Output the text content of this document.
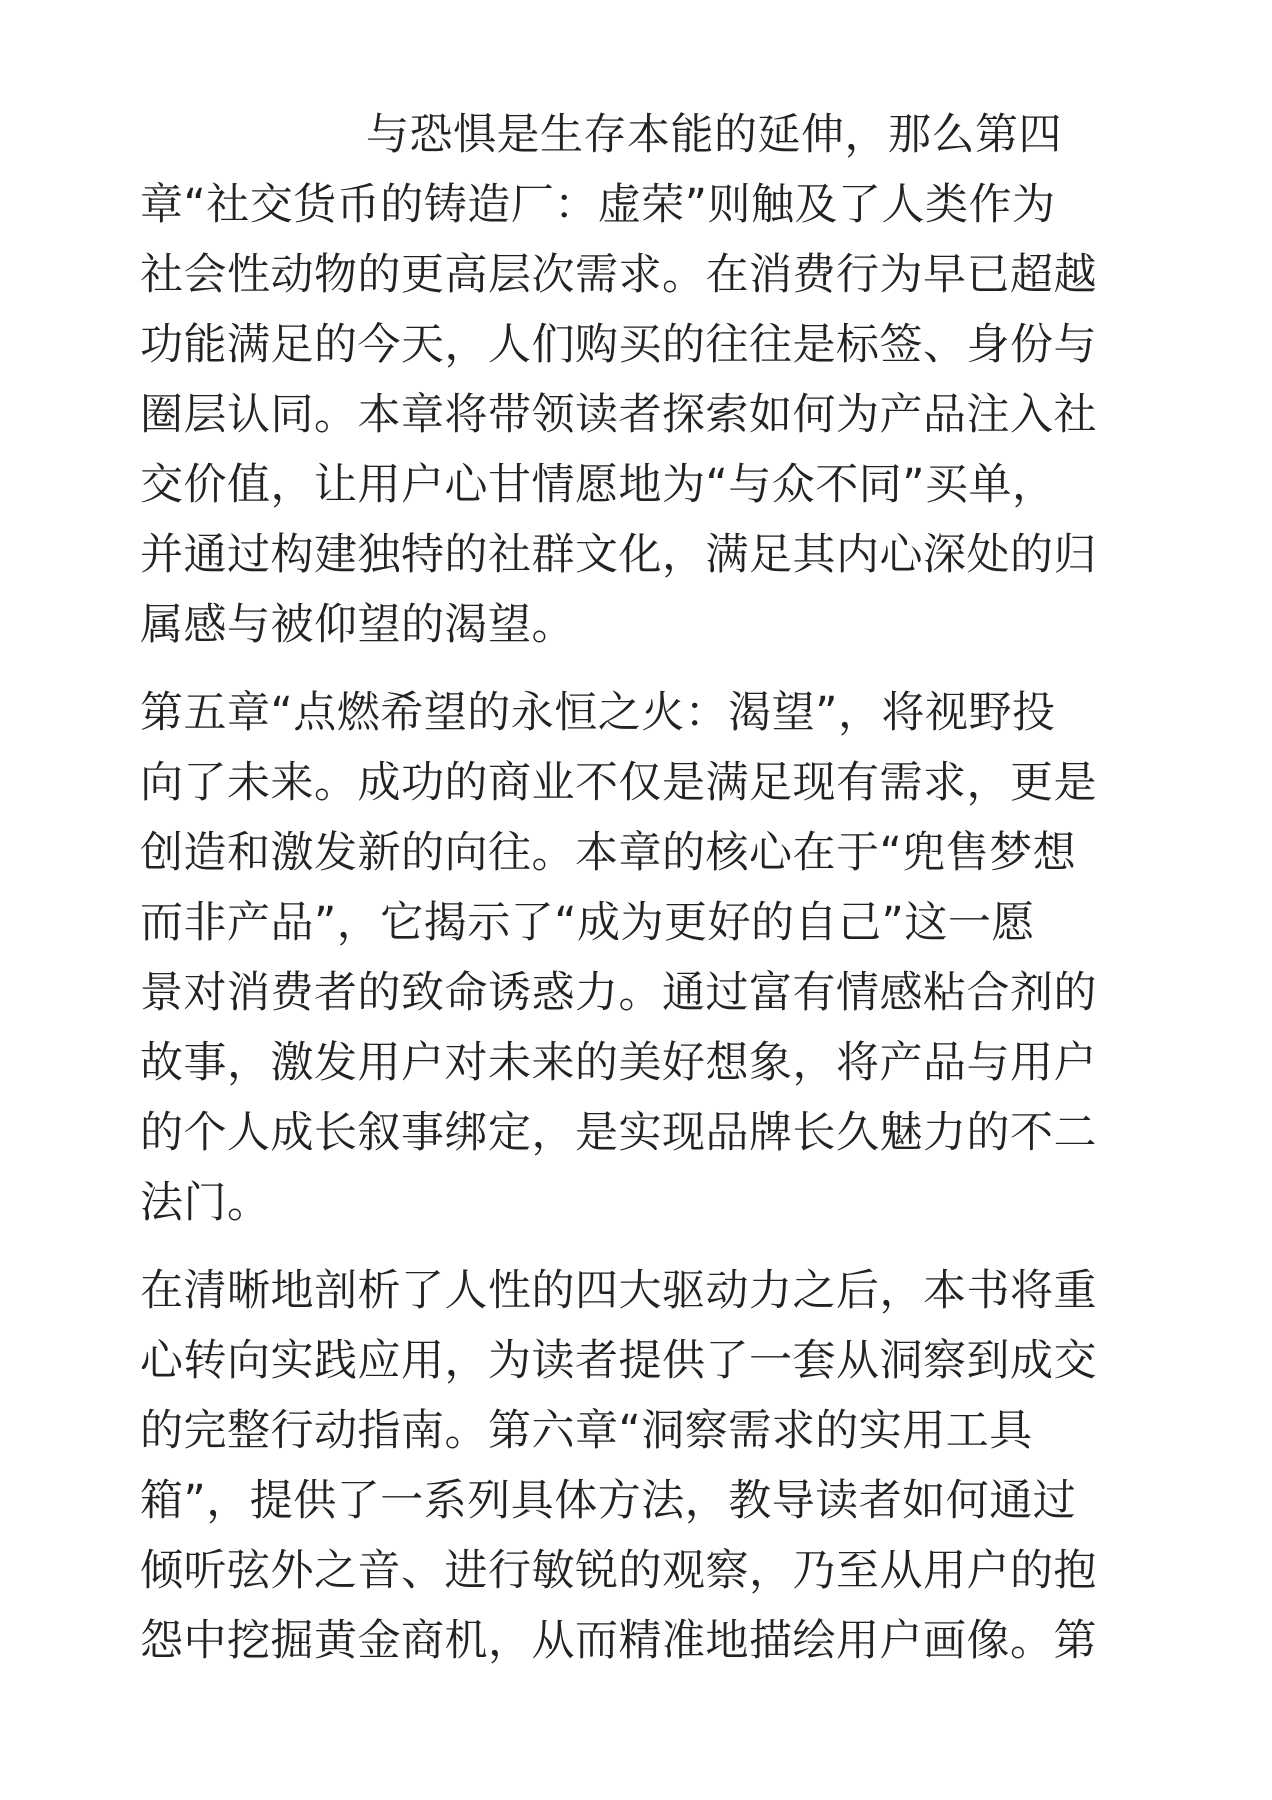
与恐惧是生存本能的延伸，那么第四
章“社交货币的铸造厂：虚荣”则触及了人类作为
社会性动物的更高层次需求。在消费行为早已超越
功能满足的今天，人们购买的往往是标签、身份与
圈层认同。本章将带领读者探索如何为产品注入社
交价值，让用户心甘情愿地为“与众不同”买单，
并通过构建独特的社群文化，满足其内心深处的归
属感与被仰望的渴望。

第五章“点燃希望的永恒之火：渴望”，将视野投
向了未来。成功的商业不仅是满足现有需求，更是
创造和激发新的向往。本章的核心在于“兜售梦想
而非产品”，它揭示了“成为更好的自己”这一愿
景对消费者的致命诱惑力。通过富有情感粘合剂的
故事，激发用户对未来的美好想象，将产品与用户
的个人成长叙事绑定，是实现品牌长久魅力的不二
法门。

在清晰地剖析了人性的四大驱动力之后，本书将重
心转向实践应用，为读者提供了一套从洞察到成交
的完整行动指南。第六章“洞察需求的实用工具
箱”，提供了一系列具体方法，教导读者如何通过
倾听弦外之音、进行敏锐的观察，乃至从用户的抱
怨中挖掘黄金商机，从而精准地描绘用户画像。第
